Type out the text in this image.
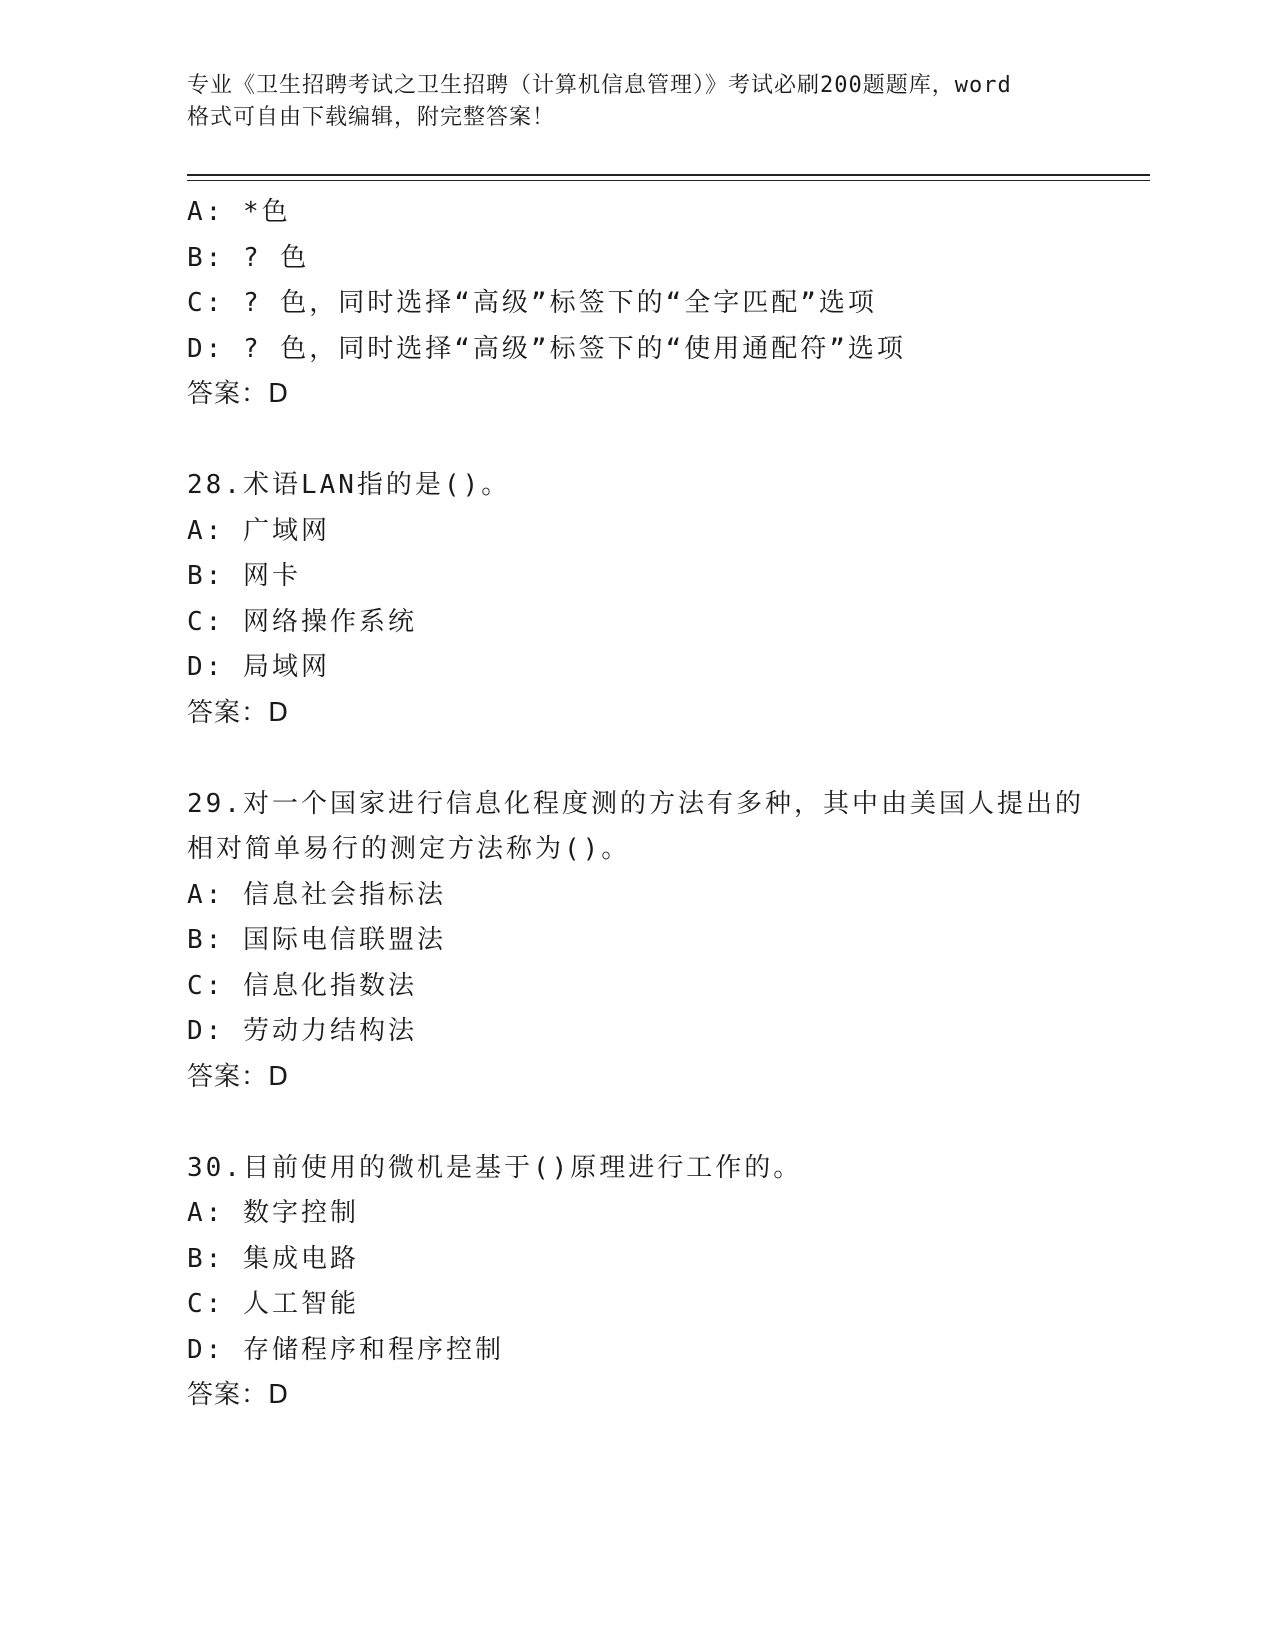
专业《卫生招聘考试之卫生招聘（计算机信息管理）》考试必刷200题题库，word
格式可自由下载编辑，附完整答案！
A: *色
B: ? 色
C: ? 色，同时选择“高级”标签下的“全字匹配”选项
D: ? 色，同时选择“高级”标签下的“使用通配符”选项
答案：D
28.术语LAN指的是()。
A: 广域网
B: 网卡
C: 网络操作系统
D: 局域网
答案：D
29.对一个国家进行信息化程度测的方法有多种，其中由美国人提出的
相对简单易行的测定方法称为()。
A: 信息社会指标法
B: 国际电信联盟法
C: 信息化指数法
D: 劳动力结构法
答案：D
30.目前使用的微机是基于()原理进行工作的。
A: 数字控制
B: 集成电路
C: 人工智能
D: 存储程序和程序控制
答案：D
